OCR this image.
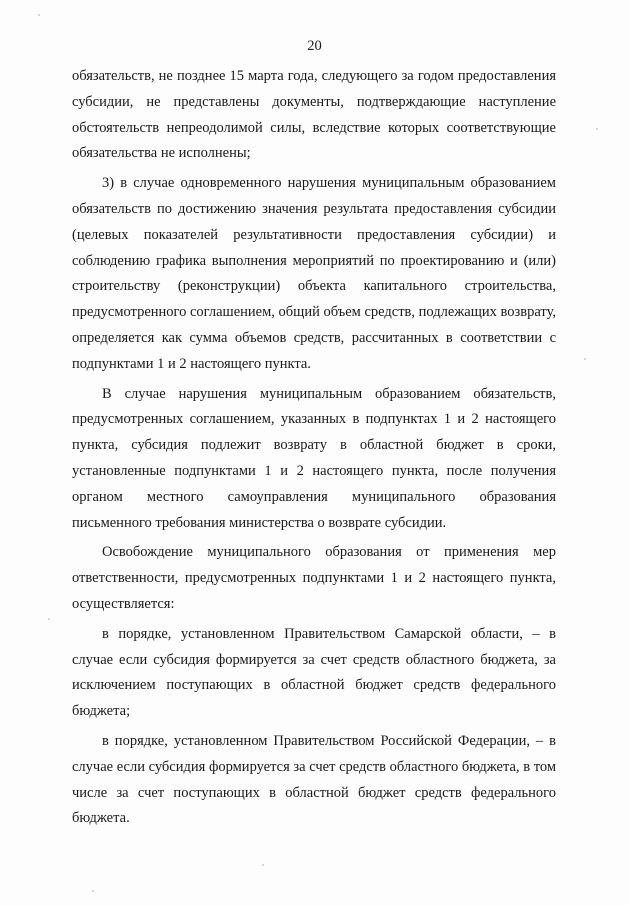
20

обязательств, не позднее 15 марта года, следующего за годом предоставления субсидии, не представлены документы, подтверждающие наступление обстоятельств непреодолимой силы, вследствие которых соответствующие обязательства не исполнены;

3) в случае одновременного нарушения муниципальным образованием обязательств по достижению значения результата предоставления субсидии (целевых показателей результативности предоставления субсидии) и соблюдению графика выполнения мероприятий по проектированию и (или) строительству (реконструкции) объекта капитального строительства, предусмотренного соглашением, общий объем средств, подлежащих возврату, определяется как сумма объемов средств, рассчитанных в соответствии с подпунктами 1 и 2 настоящего пункта.

В случае нарушения муниципальным образованием обязательств, предусмотренных соглашением, указанных в подпунктах 1 и 2 настоящего пункта, субсидия подлежит возврату в областной бюджет в сроки, установленные подпунктами 1 и 2 настоящего пункта, после получения органом местного самоуправления муниципального образования письменного требования министерства о возврате субсидии.

Освобождение муниципального образования от применения мер ответственности, предусмотренных подпунктами 1 и 2 настоящего пункта, осуществляется:

в порядке, установленном Правительством Самарской области, – в случае если субсидия формируется за счет средств областного бюджета, за исключением поступающих в областной бюджет средств федерального бюджета;

в порядке, установленном Правительством Российской Федерации, – в случае если субсидия формируется за счет средств областного бюджета, в том числе за счет поступающих в областной бюджет средств федерального бюджета.
